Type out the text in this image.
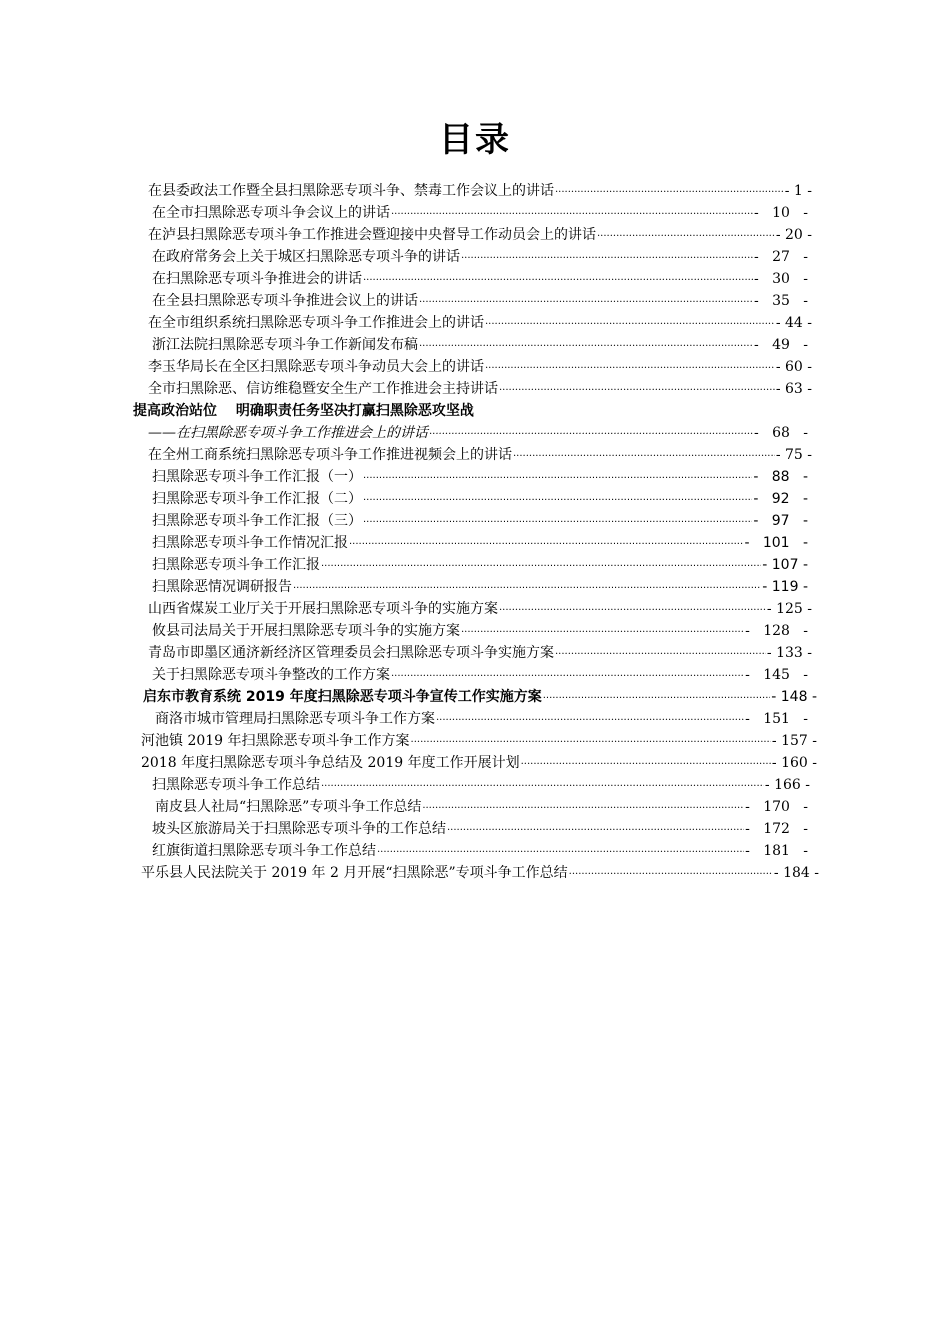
目录
在县委政法工作暨全县扫黑除恶专项斗争、禁毒工作会议上的讲话 .....	- 1 -
在全市扫黑除恶专项斗争会议上的讲话 .....	-   10   -
在泸县扫黑除恶专项斗争工作推进会暨迎接中央督导工作动员会上的讲话 .....	- 20 -
在政府常务会上关于城区扫黑除恶专项斗争的讲话 .....	-   27   -
在扫黑除恶专项斗争推进会的讲话 .....	-   30   -
在全县扫黑除恶专项斗争推进会议上的讲话 .....	-   35   -
在全市组织系统扫黑除恶专项斗争工作推进会上的讲话 .....	- 44 -
浙江法院扫黑除恶专项斗争工作新闻发布稿 .....	-   49   -
李玉华局长在全区扫黑除恶专项斗争动员大会上的讲话 .....	- 60 -
全市扫黑除恶、信访维稳暨安全生产工作推进会主持讲话 .....	- 63 -
提高政治站位　 明确职责任务坚决打赢扫黑除恶攻坚战
——在扫黑除恶专项斗争工作推进会上的讲话 .....	-   68   -
在全州工商系统扫黑除恶专项斗争工作推进视频会上的讲话 .....	- 75 -
扫黑除恶专项斗争工作汇报（一） .....	-   88   -
扫黑除恶专项斗争工作汇报（二） .....	-   92   -
扫黑除恶专项斗争工作汇报（三） .....	-   97   -
扫黑除恶专项斗争工作情况汇报 .....	-   101   -
扫黑除恶专项斗争工作汇报 .....	- 107 -
扫黑除恶情况调研报告 .....	- 119 -
山西省煤炭工业厅关于开展扫黑除恶专项斗争的实施方案 .....	- 125 -
攸县司法局关于开展扫黑除恶专项斗争的实施方案 .....	-   128   -
青岛市即墨区通济新经济区管理委员会扫黑除恶专项斗争实施方案 .....	- 133 -
关于扫黑除恶专项斗争整改的工作方案 .....	-   145   -
启东市教育系统 2019 年度扫黑除恶专项斗争宣传工作实施方案 .....	- 148 -
商洛市城市管理局扫黑除恶专项斗争工作方案 .....	-   151   -
河池镇 2019 年扫黑除恶专项斗争工作方案 .....	- 157 -
2018 年度扫黑除恶专项斗争总结及 2019 年度工作开展计划 .....	- 160 -
扫黑除恶专项斗争工作总结 .....	- 166 -
南皮县人社局“扫黑除恶”专项斗争工作总结 .....	-   170   -
坡头区旅游局关于扫黑除恶专项斗争的工作总结 .....	-   172   -
红旗街道扫黑除恶专项斗争工作总结 .....	-   181   -
平乐县人民法院关于 2019 年 2 月开展“扫黑除恶”专项斗争工作总结 .....	- 184 -
